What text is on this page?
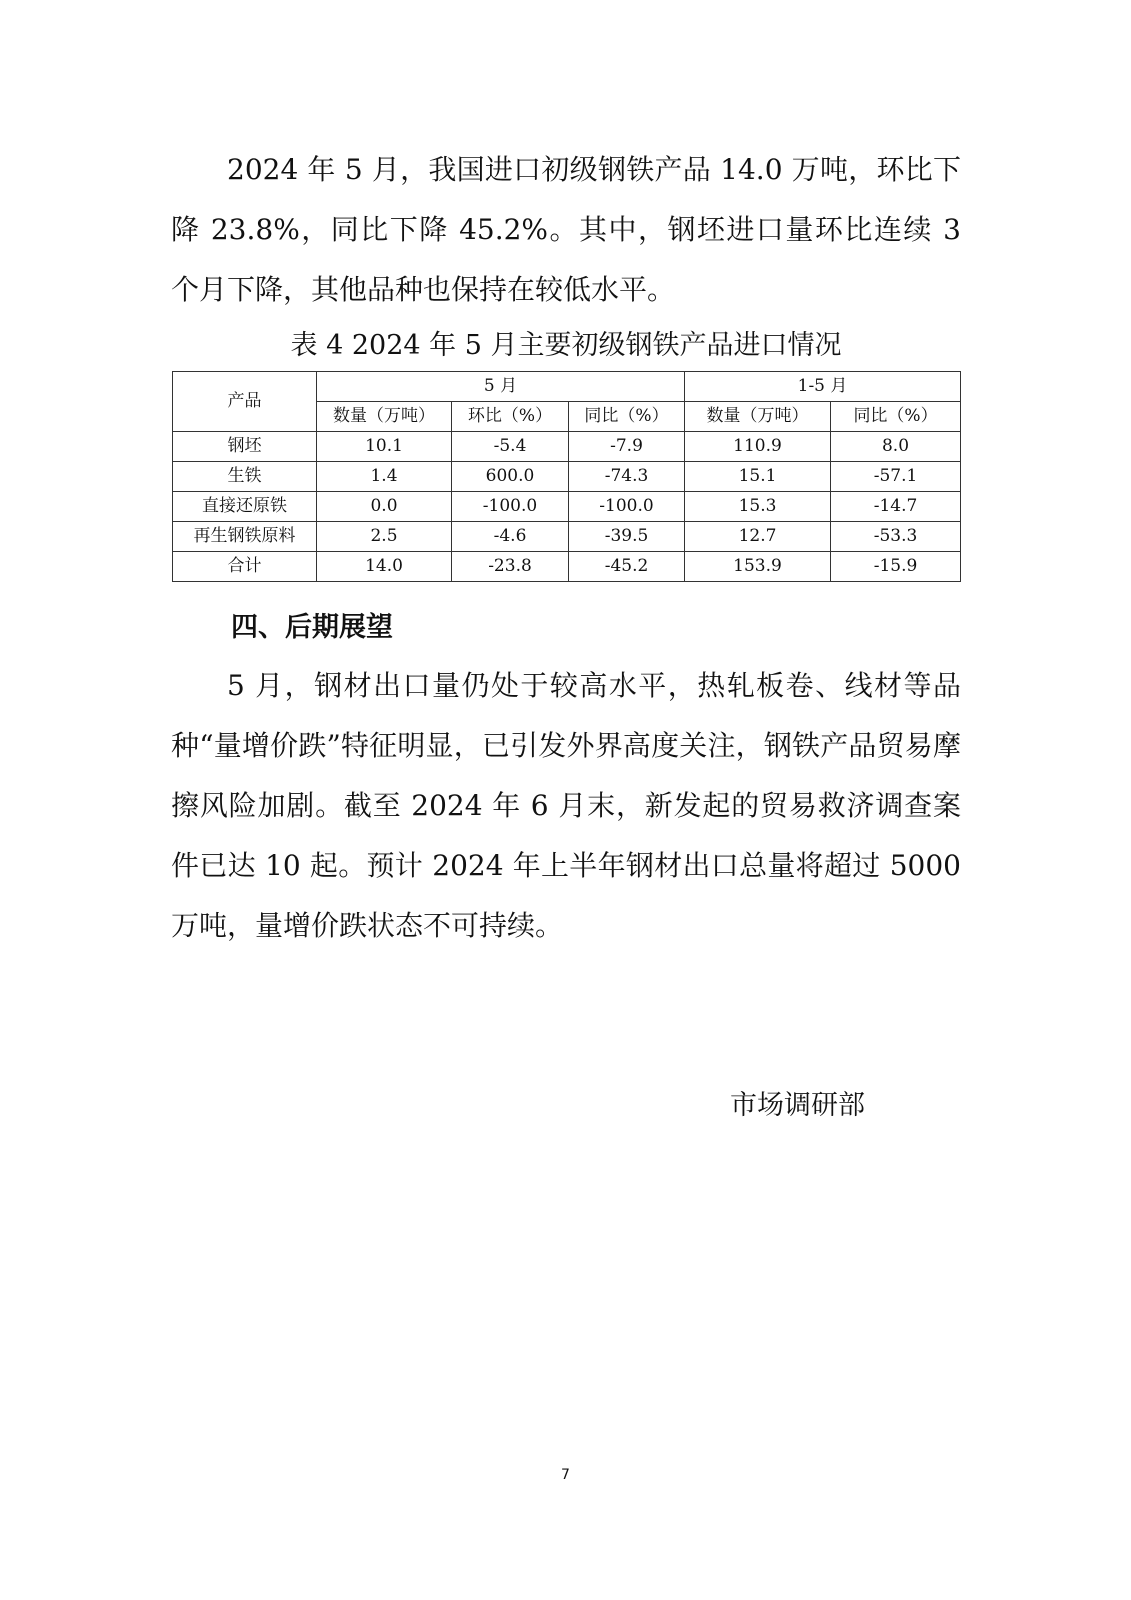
2024 年 5 月，我国进口初级钢铁产品 14.0 万吨，环比下降 23.8%，同比下降 45.2%。其中，钢坯进口量环比连续 3 个月下降，其他品种也保持在较低水平。

表 4 2024 年 5 月主要初级钢铁产品进口情况

产品	5 月			1-5 月	
	数量（万吨）	环比（%）	同比（%）	数量（万吨）	同比（%）
钢坯	10.1	-5.4	-7.9	110.9	8.0
生铁	1.4	600.0	-74.3	15.1	-57.1
直接还原铁	0.0	-100.0	-100.0	15.3	-14.7
再生钢铁原料	2.5	-4.6	-39.5	12.7	-53.3
合计	14.0	-23.8	-45.2	153.9	-15.9
四、后期展望

5 月，钢材出口量仍处于较高水平，热轧板卷、线材等品种“量增价跌”特征明显，已引发外界高度关注，钢铁产品贸易摩擦风险加剧。截至 2024 年 6 月末，新发起的贸易救济调查案件已达 10 起。预计 2024 年上半年钢材出口总量将超过 5000 万吨，量增价跌状态不可持续。

市场调研部

7
